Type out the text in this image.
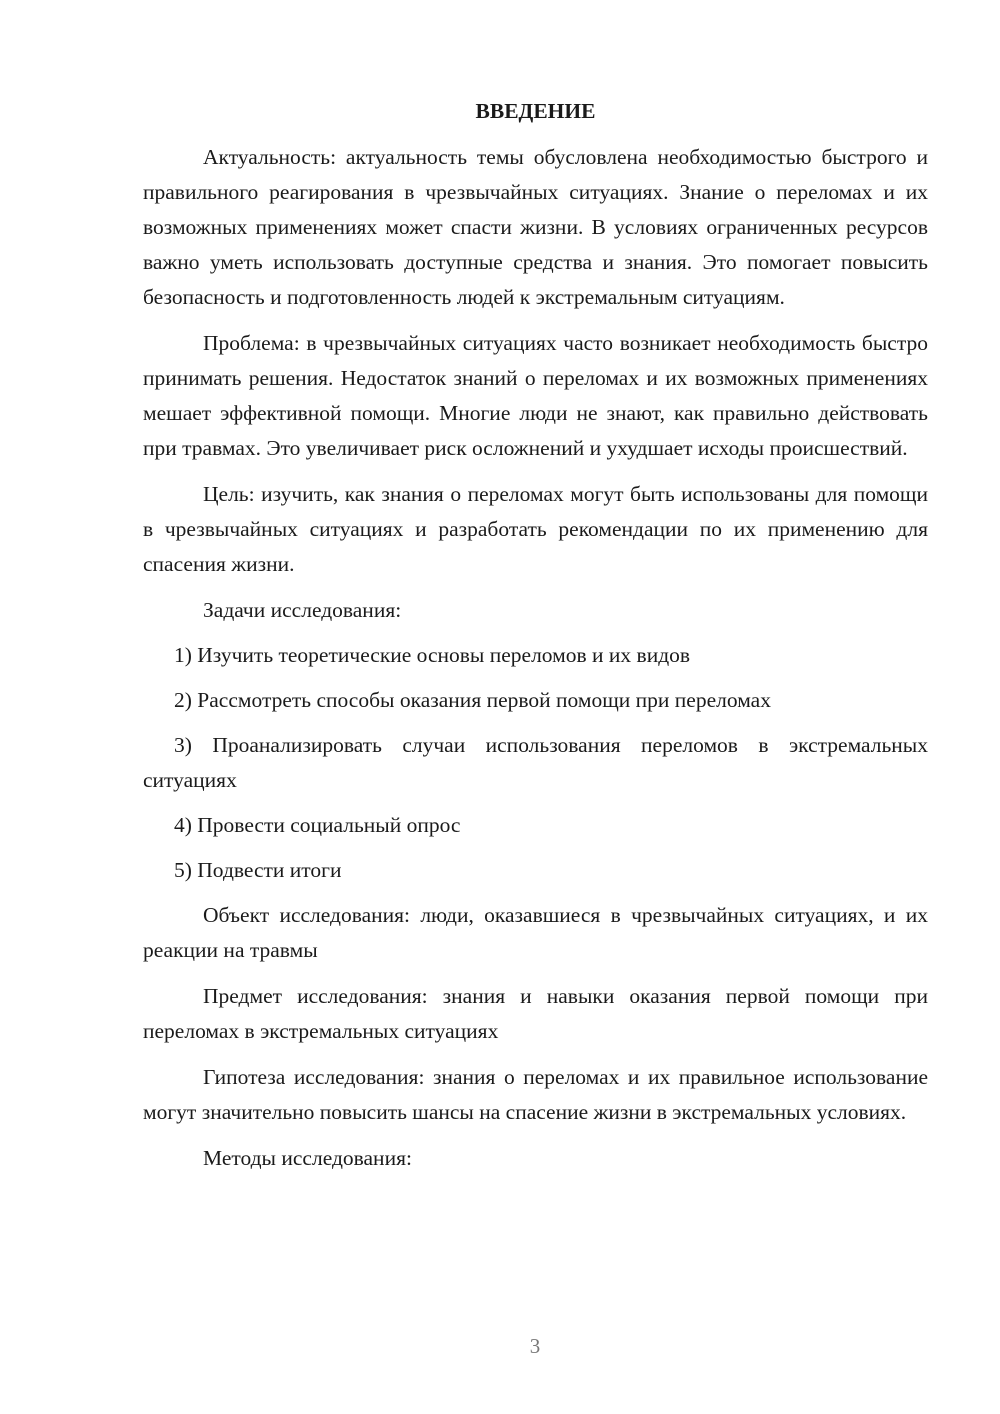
ВВЕДЕНИЕ

Актуальность: актуальность темы обусловлена необходимостью быстрого и правильного реагирования в чрезвычайных ситуациях. Знание о переломах и их возможных применениях может спасти жизни. В условиях ограниченных ресурсов важно уметь использовать доступные средства и знания. Это помогает повысить безопасность и подготовленность людей к экстремальным ситуациям.

Проблема: в чрезвычайных ситуациях часто возникает необходимость быстро принимать решения. Недостаток знаний о переломах и их возможных применениях мешает эффективной помощи. Многие люди не знают, как правильно действовать при травмах. Это увеличивает риск осложнений и ухудшает исходы происшествий.

Цель: изучить, как знания о переломах могут быть использованы для помощи в чрезвычайных ситуациях и разработать рекомендации по их применению для спасения жизни.

Задачи исследования:

1) Изучить теоретические основы переломов и их видов

2) Рассмотреть способы оказания первой помощи при переломах

3) Проанализировать случаи использования переломов в экстремальных ситуациях

4) Провести социальный опрос

5) Подвести итоги

Объект исследования: люди, оказавшиеся в чрезвычайных ситуациях, и их реакции на травмы

Предмет исследования: знания и навыки оказания первой помощи при переломах в экстремальных ситуациях

Гипотеза исследования: знания о переломах и их правильное использование могут значительно повысить шансы на спасение жизни в экстремальных условиях.

Методы исследования:

3
